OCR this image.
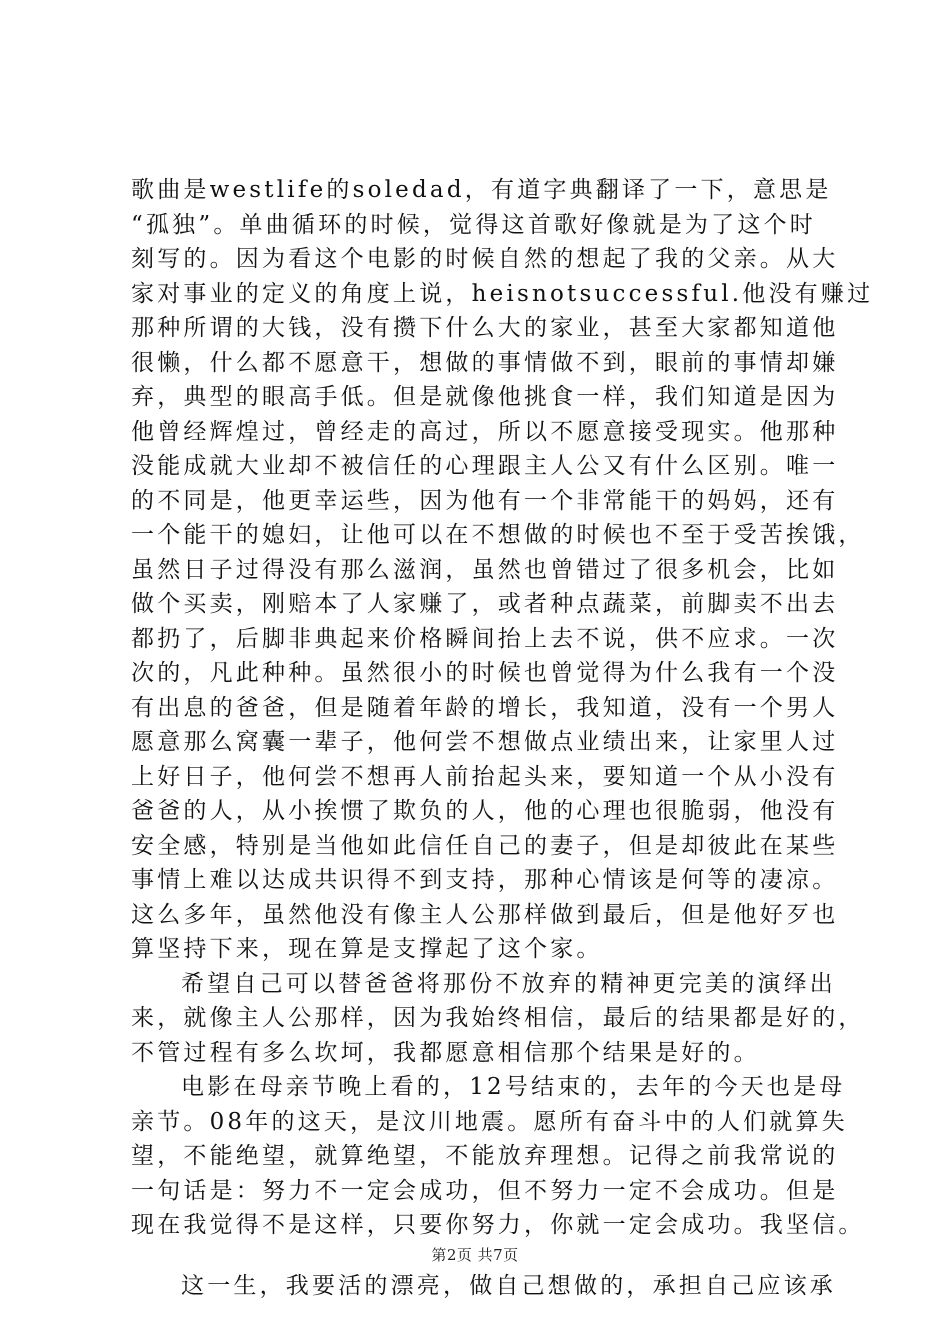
歌曲是westlife的soledad，有道字典翻译了一下，意思是
“孤独”。单曲循环的时候，觉得这首歌好像就是为了这个时
刻写的。因为看这个电影的时候自然的想起了我的父亲。从大
家对事业的定义的角度上说，heisnotsuccessful.他没有赚过
那种所谓的大钱，没有攒下什么大的家业，甚至大家都知道他
很懒，什么都不愿意干，想做的事情做不到，眼前的事情却嫌
弃，典型的眼高手低。但是就像他挑食一样，我们知道是因为
他曾经辉煌过，曾经走的高过，所以不愿意接受现实。他那种
没能成就大业却不被信任的心理跟主人公又有什么区别。唯一
的不同是，他更幸运些，因为他有一个非常能干的妈妈，还有
一个能干的媳妇，让他可以在不想做的时候也不至于受苦挨饿，
虽然日子过得没有那么滋润，虽然也曾错过了很多机会，比如
做个买卖，刚赔本了人家赚了，或者种点蔬菜，前脚卖不出去
都扔了，后脚非典起来价格瞬间抬上去不说，供不应求。一次
次的，凡此种种。虽然很小的时候也曾觉得为什么我有一个没
有出息的爸爸，但是随着年龄的增长，我知道，没有一个男人
愿意那么窝囊一辈子，他何尝不想做点业绩出来，让家里人过
上好日子，他何尝不想再人前抬起头来，要知道一个从小没有
爸爸的人，从小挨惯了欺负的人，他的心理也很脆弱，他没有
安全感，特别是当他如此信任自己的妻子，但是却彼此在某些
事情上难以达成共识得不到支持，那种心情该是何等的凄凉。
这么多年，虽然他没有像主人公那样做到最后，但是他好歹也
算坚持下来，现在算是支撑起了这个家。
希望自己可以替爸爸将那份不放弃的精神更完美的演绎出
来，就像主人公那样，因为我始终相信，最后的结果都是好的，
不管过程有多么坎坷，我都愿意相信那个结果是好的。
电影在母亲节晚上看的，12号结束的，去年的今天也是母
亲节。08年的这天，是汶川地震。愿所有奋斗中的人们就算失
望，不能绝望，就算绝望，不能放弃理想。记得之前我常说的
一句话是：努力不一定会成功，但不努力一定不会成功。但是
现在我觉得不是这样，只要你努力，你就一定会成功。我坚信。
这一生，我要活的漂亮，做自己想做的，承担自己应该承
第2页 共7页
